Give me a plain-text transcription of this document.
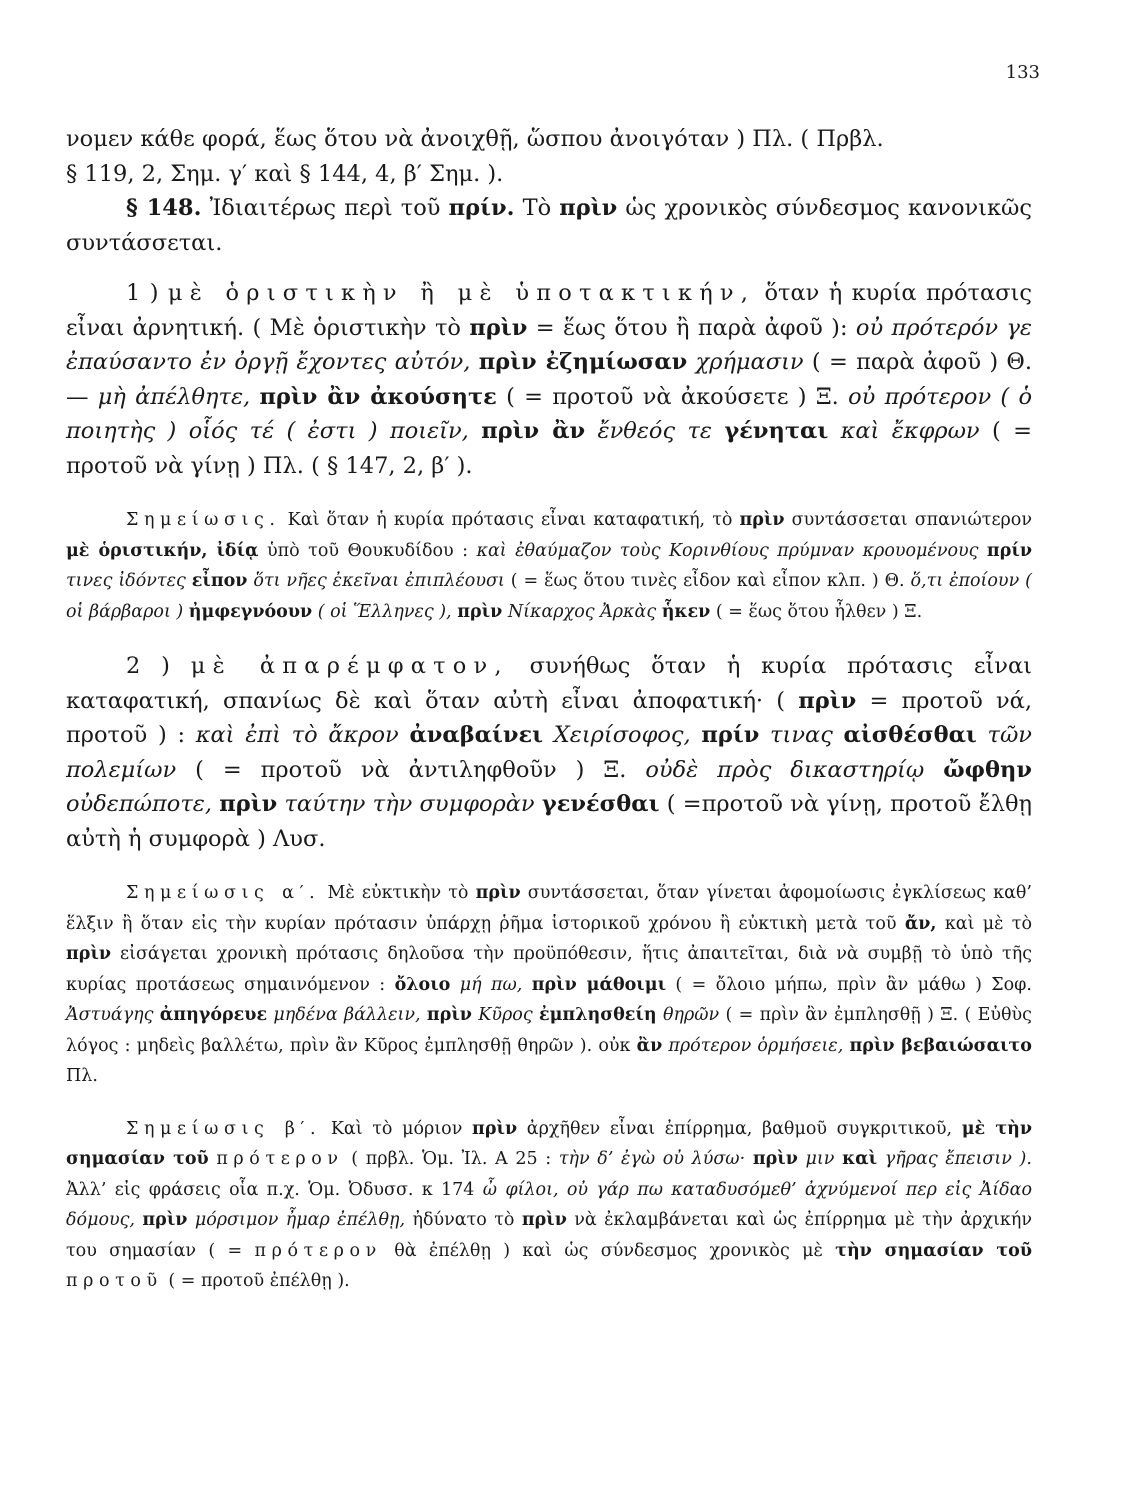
133

νομεν κάθε φορά, ἕως ὅτου νὰ ἀνοιχθῇ, ὥσπου ἀνοιγόταν ) Πλ. ( Πρβλ.
§ 119, 2, Σημ. γ′ καὶ § 144, 4, β′ Σημ. ).

§ 148. Ἰδιαιτέρως περὶ τοῦ πρίν. Τὸ πρὶν ὡς χρονικὸς σύνδεσμος κανονικῶς συντάσσεται.

1 ) μὲ ὁριστικὴν ἢ μὲ ὑποτακτικήν, ὅταν ἡ κυρία πρότασις εἶναι ἀρνητική. ( Μὲ ὁριστικὴν τὸ πρὶν = ἕως ὅτου ἢ παρὰ ἀφοῦ ): οὐ πρότερόν γε ἐπαύσαντο ἐν ὀργῇ ἔχοντες αὐτόν, πρὶν ἐζημίωσαν χρήμασιν ( = παρὰ ἀφοῦ ) Θ. — μὴ ἀπέλθητε, πρὶν ἂν ἀκούσητε ( = προτοῦ νὰ ἀκούσετε ) Ξ. οὐ πρότερον ( ὁ ποιητὴς ) οἷός τέ ( ἐστι ) ποιεῖν, πρὶν ἂν ἔνθεός τε γένηται καὶ ἔκφρων ( = προτοῦ νὰ γίνῃ ) Πλ. ( § 147, 2, β′ ).

Σημείωσις. Καὶ ὅταν ἡ κυρία πρότασις εἶναι καταφατική, τὸ πρὶν συντάσσεται σπανιώτερον μὲ ὁριστικήν, ἰδίᾳ ὑπὸ τοῦ Θουκυδίδου : καὶ ἐθαύμαζον τοὺς Κορινθίους πρύμναν κρουομένους πρίν τινες ἰδόντες εἶπον ὅτι νῆες ἐκεῖναι ἐπιπλέουσι ( = ἕως ὅτου τινὲς εἶδον καὶ εἶπον κλπ. ) Θ. ὅ,τι ἐποίουν ( οἱ βάρβαροι ) ἠμφεγνόουν ( οἱ Ἕλληνες ), πρὶν Νίκαρχος Ἀρκὰς ἧκεν ( = ἕως ὅτου ἦλθεν ) Ξ.

2 ) μὲ ἀπαρέμφατον, συνήθως ὅταν ἡ κυρία πρότασις εἶναι καταφατική, σπανίως δὲ καὶ ὅταν αὐτὴ εἶναι ἀποφατική· ( πρὶν = προτοῦ νά, προτοῦ ) : καὶ ἐπὶ τὸ ἄκρον ἀναβαίνει Χειρίσοφος, πρίν τινας αἰσθέσθαι τῶν πολεμίων ( = προτοῦ νὰ ἀντιληφθοῦν ) Ξ. οὐδὲ πρὸς δικαστηρίῳ ὤφθην οὐδεπώποτε, πρὶν ταύτην τὴν συμφορὰν γενέσθαι ( =προτοῦ νὰ γίνῃ, προτοῦ ἔλθῃ αὐτὴ ἡ συμφορὰ ) Λυσ.

Σημείωσις α′. Μὲ εὐκτικὴν τὸ πρὶν συντάσσεται, ὅταν γίνεται ἀφομοίωσις ἐγκλίσεως καθ’ ἕλξιν ἢ ὅταν εἰς τὴν κυρίαν πρότασιν ὑπάρχῃ ῥῆμα ἱστορικοῦ χρόνου ἢ εὐκτικὴ μετὰ τοῦ ἄν, καὶ μὲ τὸ πρὶν εἰσάγεται χρονικὴ πρότασις δηλοῦσα τὴν προϋπόθεσιν, ἥτις ἀπαιτεῖται, διὰ νὰ συμβῇ τὸ ὑπὸ τῆς κυρίας προτάσεως σημαινόμενον : ὄλοιο μή πω, πρὶν μάθοιμι ( = ὄλοιο μήπω, πρὶν ἂν μάθω ) Σοφ. Ἀστυάγης ἀπηγόρευε μηδένα βάλλειν, πρὶν Κῦρος ἐμπλησθείη θηρῶν ( = πρὶν ἂν ἐμπλησθῇ ) Ξ. ( Εὐθὺς λόγος : μηδεὶς βαλλέτω, πρὶν ἂν Κῦρος ἐμπλησθῇ θηρῶν ). οὐκ ἂν πρότερον ὁρμήσειε, πρὶν βεβαιώσαιτο Πλ.

Σημείωσις β′. Καὶ τὸ μόριον πρὶν ἀρχῆθεν εἶναι ἐπίρρημα, βαθμοῦ συγκριτικοῦ, μὲ τὴν σημασίαν τοῦ πρότερον ( πρβλ. Ὁμ. Ἰλ. Α 25 : τὴν δ’ ἐγὼ οὐ λύσω· πρὶν μιν καὶ γῆρας ἔπεισιν ). Ἀλλ’ εἰς φράσεις οἷα π.χ. Ὁμ. Ὀδυσσ. κ 174 ὦ φίλοι, οὐ γάρ πω καταδυσόμεθ’ ἀχνύμενοί περ εἰς Ἀίδαο δόμους, πρὶν μόρσιμον ἦμαρ ἐπέλθῃ, ἠδύνατο τὸ πρὶν νὰ ἐκλαμβάνεται καὶ ὡς ἐπίρρημα μὲ τὴν ἀρχικήν του σημασίαν ( = πρότερον θὰ ἐπέλθῃ ) καὶ ὡς σύνδεσμος χρονικὸς μὲ τὴν σημασίαν τοῦ προτοῦ ( = προτοῦ ἐπέλθῃ ).
